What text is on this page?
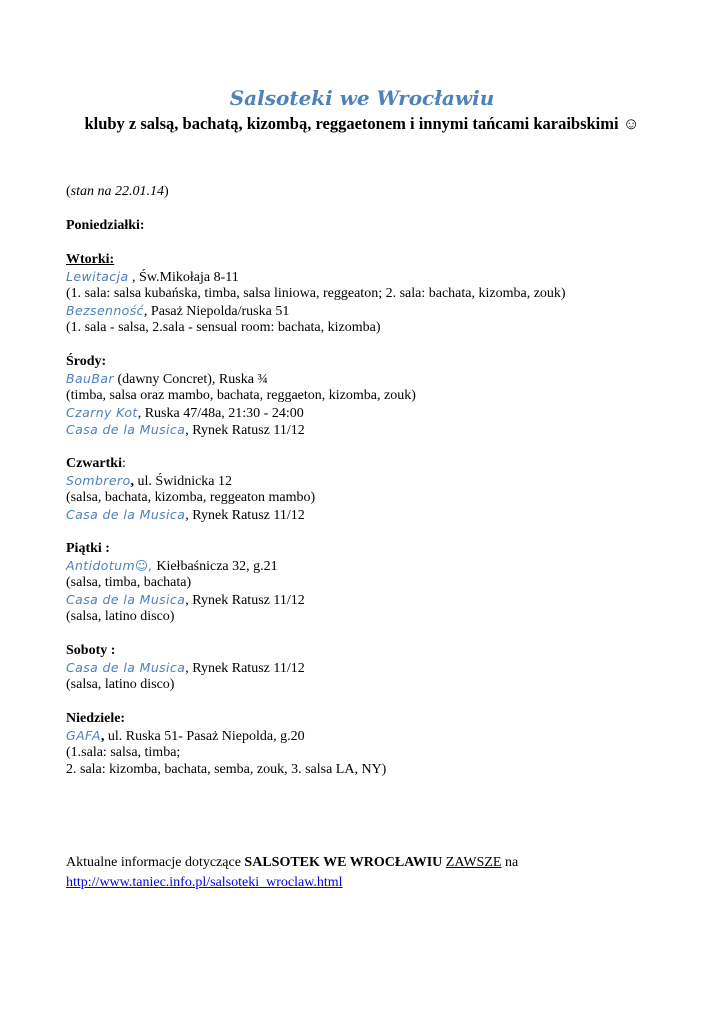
Salsoteki we Wrocławiu
kluby z salsą, bachatą, kizombą, reggaetonem i innymi tańcami karaibskimi ☺
(stan na 22.01.14)
Poniedziałki:
Wtorki:
Lewitacja , Św.Mikołaja 8-11
(1. sala: salsa kubańska, timba, salsa liniowa, reggeaton; 2. sala: bachata, kizomba, zouk)
Bezsenność, Pasaż Niepolda/ruska 51
(1. sala - salsa, 2.sala - sensual room: bachata, kizomba)
Środy:
BauBar (dawny Concret), Ruska ¾
(timba, salsa oraz mambo, bachata, reggaeton, kizomba, zouk)
Czarny Kot, Ruska 47/48a, 21:30 - 24:00
Casa de la Musica, Rynek Ratusz 11/12
Czwartki:
Sombrero, ul. Świdnicka 12
(salsa, bachata, kizomba, reggeaton mambo)
Casa de la Musica, Rynek Ratusz 11/12
Piątki :
Antidotum☺, Kiełbaśnicza 32, g.21
(salsa, timba, bachata)
Casa de la Musica, Rynek Ratusz 11/12
(salsa, latino disco)
Soboty :
Casa de la Musica, Rynek Ratusz 11/12
(salsa, latino disco)
Niedziele:
GAFA, ul. Ruska 51- Pasaż Niepolda, g.20
(1.sala: salsa, timba;
2. sala: kizomba, bachata, semba, zouk, 3. salsa LA, NY)
Aktualne informacje dotyczące SALSOTEK WE WROCŁAWIU ZAWSZE na
http://www.taniec.info.pl/salsoteki_wroclaw.html
